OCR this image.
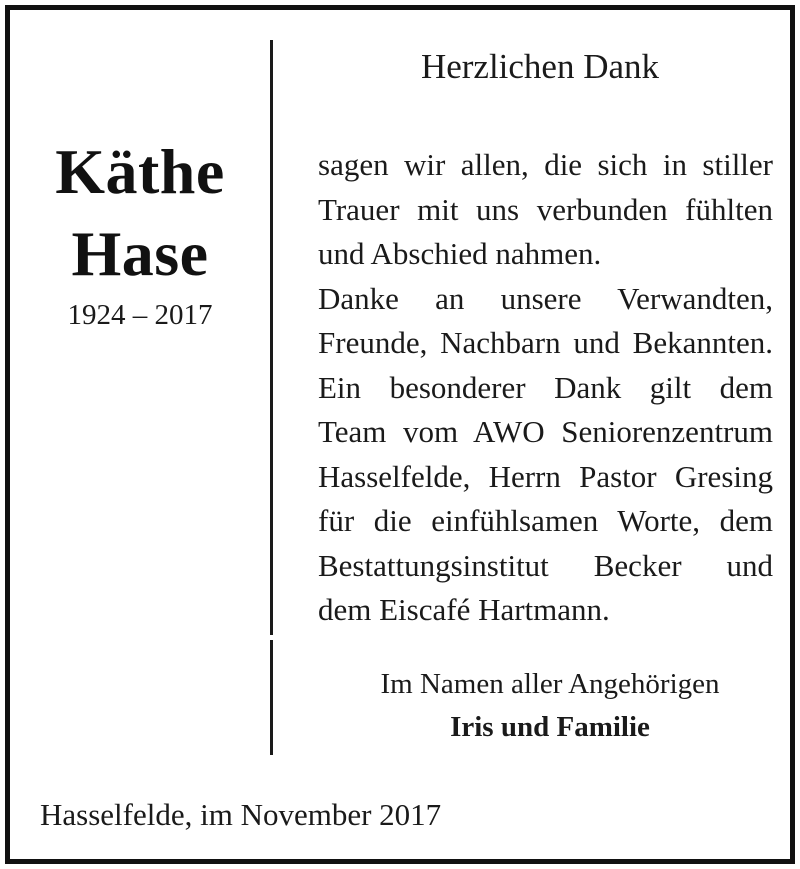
Käthe
Hase
1924 – 2017
Herzlichen Dank
sagen wir allen, die sich in stiller
Trauer mit uns verbunden fühlten
und Abschied nahmen.
Danke an unsere Verwandten,
Freunde, Nachbarn und Bekannten.
Ein besonderer Dank gilt dem
Team vom AWO Seniorenzentrum
Hasselfelde, Herrn Pastor Gresing
für die einfühlsamen Worte, dem
Bestattungsinstitut Becker und
dem Eiscafé Hartmann.
Im Namen aller Angehörigen
Iris und Familie
Hasselfelde, im November 2017
